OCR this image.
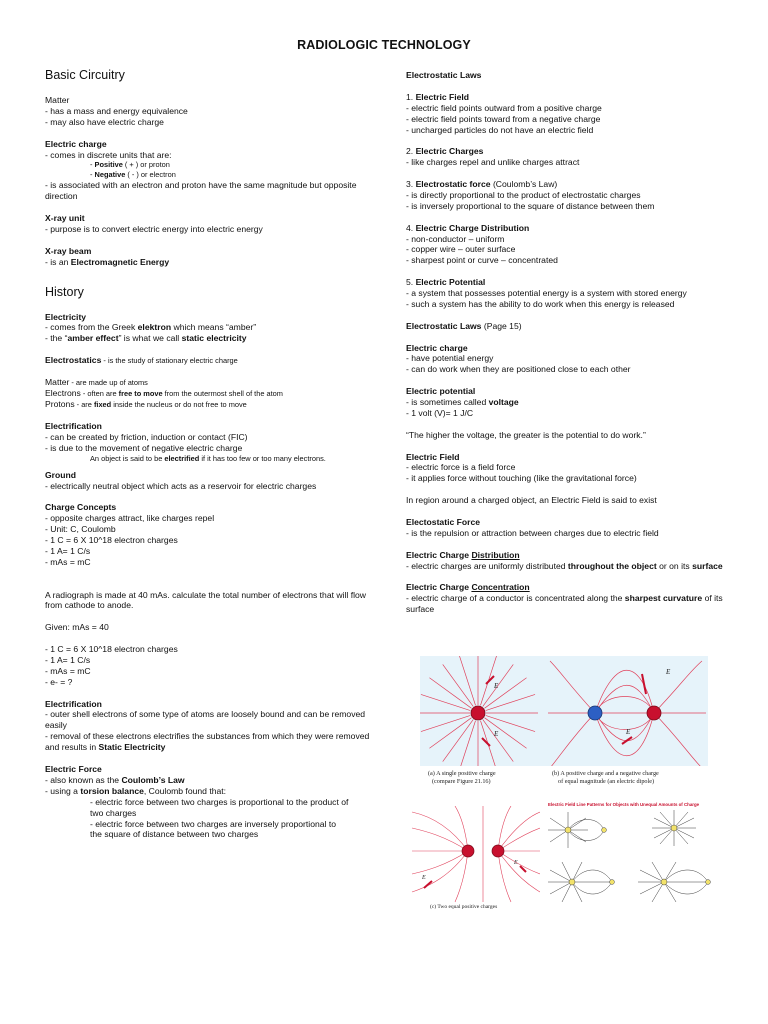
RADIOLOGIC TECHNOLOGY
Basic Circuitry

Matter

- has a mass and energy equivalence

- may also have electric charge

Electric charge

- comes in discrete units that are:

- Positive ( + ) or proton

- Negative ( - ) or electron

- is associated with an electron and proton have the same magnitude but opposite direction

X-ray unit

- purpose is to convert electric energy into electric energy

X-ray beam

- is an Electromagnetic Energy

History

Electricity

- comes from the Greek elektron which means “amber”

- the “amber effect” is what we call static electricity

Electrostatics - is the study of stationary electric charge

Matter - are made up of atoms

Electrons - often are free to move from the outermost shell of the atom

Protons - are fixed inside the nucleus or do not free to move

Electrification

- can be created by friction, induction or contact (FIC)

- is due to the movement of negative electric charge

An object is said to be electrified if it has too few or too many electrons.

Ground

- electrically neutral object which acts as a reservoir for electric charges

Charge Concepts

- opposite charges attract, like charges repel

- Unit: C, Coulomb

- 1 C = 6 X 10^18 electron charges

- 1 A= 1 C/s

- mAs = mC

A radiograph is made at 40 mAs. calculate the total number of electrons that will flow from cathode to anode.

Given: mAs = 40

- 1 C = 6 X 10^18 electron charges

- 1 A= 1 C/s

- mAs = mC

- e- = ?

Electrification

- outer shell electrons of some type of atoms are loosely bound and can be removed easily

- removal of these electrons electrifies the substances from which they were removed and results in Static Electricity

Electric Force

- also known as the Coulomb’s Law

- using a torsion balance, Coulomb found that:

- electric force between two charges is proportional to the product of two charges

- electric force between two charges are inversely proportional to the square of distance between two charges

Electrostatic Laws

1. Electric Field

- electric field points outward from a positive charge

- electric field points toward from a negative charge

- uncharged particles do not have an electric field

2. Electric Charges

- like charges repel and unlike charges attract

3. Electrostatic force (Coulomb’s Law)

- is directly proportional to the product of electrostatic charges

- is inversely proportional to the square of distance between them

4. Electric Charge Distribution

- non-conductor – uniform

- copper wire – outer surface

- sharpest point or curve – concentrated

5. Electric Potential

- a system that possesses potential energy is a system with stored energy

- such a system has the ability to do work when this energy is released

Electrostatic Laws (Page 15)

Electric charge

- have potential energy

- can do work when they are positioned close to each other

Electric potential

- is sometimes called voltage

- 1 volt (V)= 1 J/C

“The higher the voltage, the greater is the potential to do work.”

Electric Field

- electric force is a field force

- it applies force without touching (like the gravitational force)

In region around a charged object, an Electric Field is said to exist

Electostatic Force

- is the repulsion or attraction between charges due to electric field

Electric Charge Distribution

- electric charges are uniformly distributed throughout the object or on its surface

Electric Charge Concentration

- electric charge of a conductor is concentrated along the sharpest curvature of its surface

E
E
E
E
(a) A single positive charge
(compare Figure 21.16)
(b) A positive charge and a negative charge
of equal magnitude (an electric dipole)
E
E
(c) Two equal positive charges
Electric Field Line Patterns for Objects with Unequal Amounts of Charge
